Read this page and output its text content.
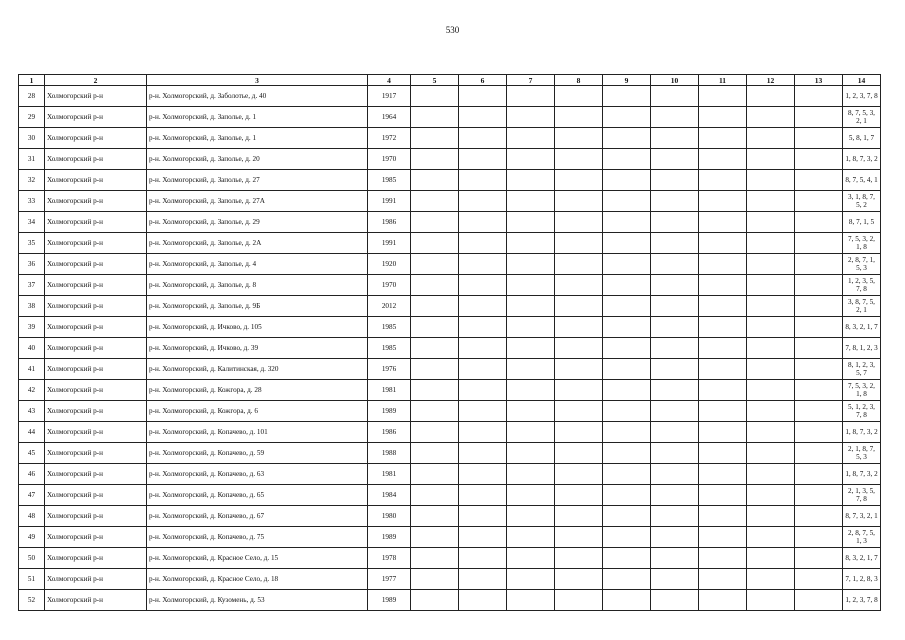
530
1	2	3	4	5	6	7	8	9	10	11	12	13	14
28	Холмогорский р-н	р-н. Холмогорский, д. Заболотье, д. 40	1917										1, 2, 3, 7, 8
29	Холмогорский р-н	р-н. Холмогорский, д. Заполье, д. 1	1964										8, 7, 5, 3, 2, 1
30	Холмогорский р-н	р-н. Холмогорский, д. Заполье, д. 1	1972										5, 8, 1, 7
31	Холмогорский р-н	р-н. Холмогорский, д. Заполье, д. 20	1970										1, 8, 7, 3, 2
32	Холмогорский р-н	р-н. Холмогорский, д. Заполье, д. 27	1985										8, 7, 5, 4, 1
33	Холмогорский р-н	р-н. Холмогорский, д. Заполье, д. 27А	1991										3, 1, 8, 7, 5, 2
34	Холмогорский р-н	р-н. Холмогорский, д. Заполье, д. 29	1986										8, 7, 1, 5
35	Холмогорский р-н	р-н. Холмогорский, д. Заполье, д. 2А	1991										7, 5, 3, 2, 1, 8
36	Холмогорский р-н	р-н. Холмогорский, д. Заполье, д. 4	1920										2, 8, 7, 1, 5, 3
37	Холмогорский р-н	р-н. Холмогорский, д. Заполье, д. 8	1970										1, 2, 3, 5, 7, 8
38	Холмогорский р-н	р-н. Холмогорский, д. Заполье, д. 9Б	2012										3, 8, 7, 5, 2, 1
39	Холмогорский р-н	р-н. Холмогорский, д. Ичково, д. 105	1985										8, 3, 2, 1, 7
40	Холмогорский р-н	р-н. Холмогорский, д. Ичково, д. 39	1985										7, 8, 1, 2, 3
41	Холмогорский р-н	р-н. Холмогорский, д. Калитинская, д. 320	1976										8, 1, 2, 3, 5, 7
42	Холмогорский р-н	р-н. Холмогорский, д. Кожгора, д. 28	1981										7, 5, 3, 2, 1, 8
43	Холмогорский р-н	р-н. Холмогорский, д. Кожгора, д. 6	1989										5, 1, 2, 3, 7, 8
44	Холмогорский р-н	р-н. Холмогорский, д. Копачево, д. 101	1986										1, 8, 7, 3, 2
45	Холмогорский р-н	р-н. Холмогорский, д. Копачево, д. 59	1988										2, 1, 8, 7, 5, 3
46	Холмогорский р-н	р-н. Холмогорский, д. Копачево, д. 63	1981										1, 8, 7, 3, 2
47	Холмогорский р-н	р-н. Холмогорский, д. Копачево, д. 65	1984										2, 1, 3, 5, 7, 8
48	Холмогорский р-н	р-н. Холмогорский, д. Копачево, д. 67	1980										8, 7, 3, 2, 1
49	Холмогорский р-н	р-н. Холмогорский, д. Копачево, д. 75	1989										2, 8, 7, 5, 1, 3
50	Холмогорский р-н	р-н. Холмогорский, д. Красное Село, д. 15	1978										8, 3, 2, 1, 7
51	Холмогорский р-н	р-н. Холмогорский, д. Красное Село, д. 18	1977										7, 1, 2, 8, 3
52	Холмогорский р-н	р-н. Холмогорский, д. Кузомень, д. 53	1989										1, 2, 3, 7, 8
